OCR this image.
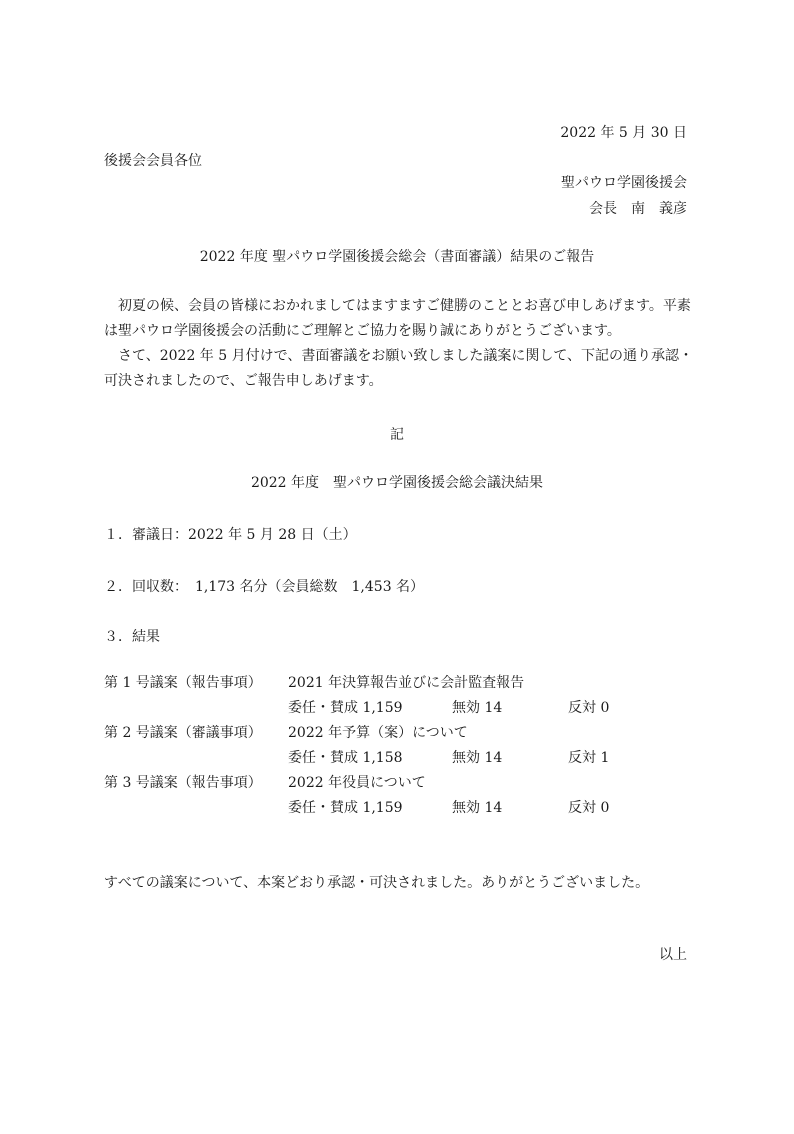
2022 年 5 月 30 日
後援会会員各位
聖パウロ学園後援会
会長　南　義彦
2022 年度 聖パウロ学園後援会総会（書面審議）結果のご報告
初夏の候、会員の皆様におかれましてはますますご健勝のこととお喜び申しあげます。平素は聖パウロ学園後援会の活動にご理解とご協力を賜り誠にありがとうございます。
さて、2022 年 5 月付けで、書面審議をお願い致しました議案に関して、下記の通り承認・可決されましたので、ご報告申しあげます。
記
2022 年度　聖パウロ学園後援会総会議決結果
１．審議日：2022 年 5 月 28 日（土）
２．回収数：　1,173 名分（会員総数　1,453 名）
３．結果
第 1 号議案（報告事項） 2021 年決算報告並びに会計監査報告
委任・賛成 1,159	無効 14	反対 0
第 2 号議案（審議事項） 2022 年予算（案）について
委任・賛成 1,158	無効 14	反対 1
第 3 号議案（報告事項） 2022 年役員について
委任・賛成 1,159	無効 14	反対 0
すべての議案について、本案どおり承認・可決されました。ありがとうございました。
以上
